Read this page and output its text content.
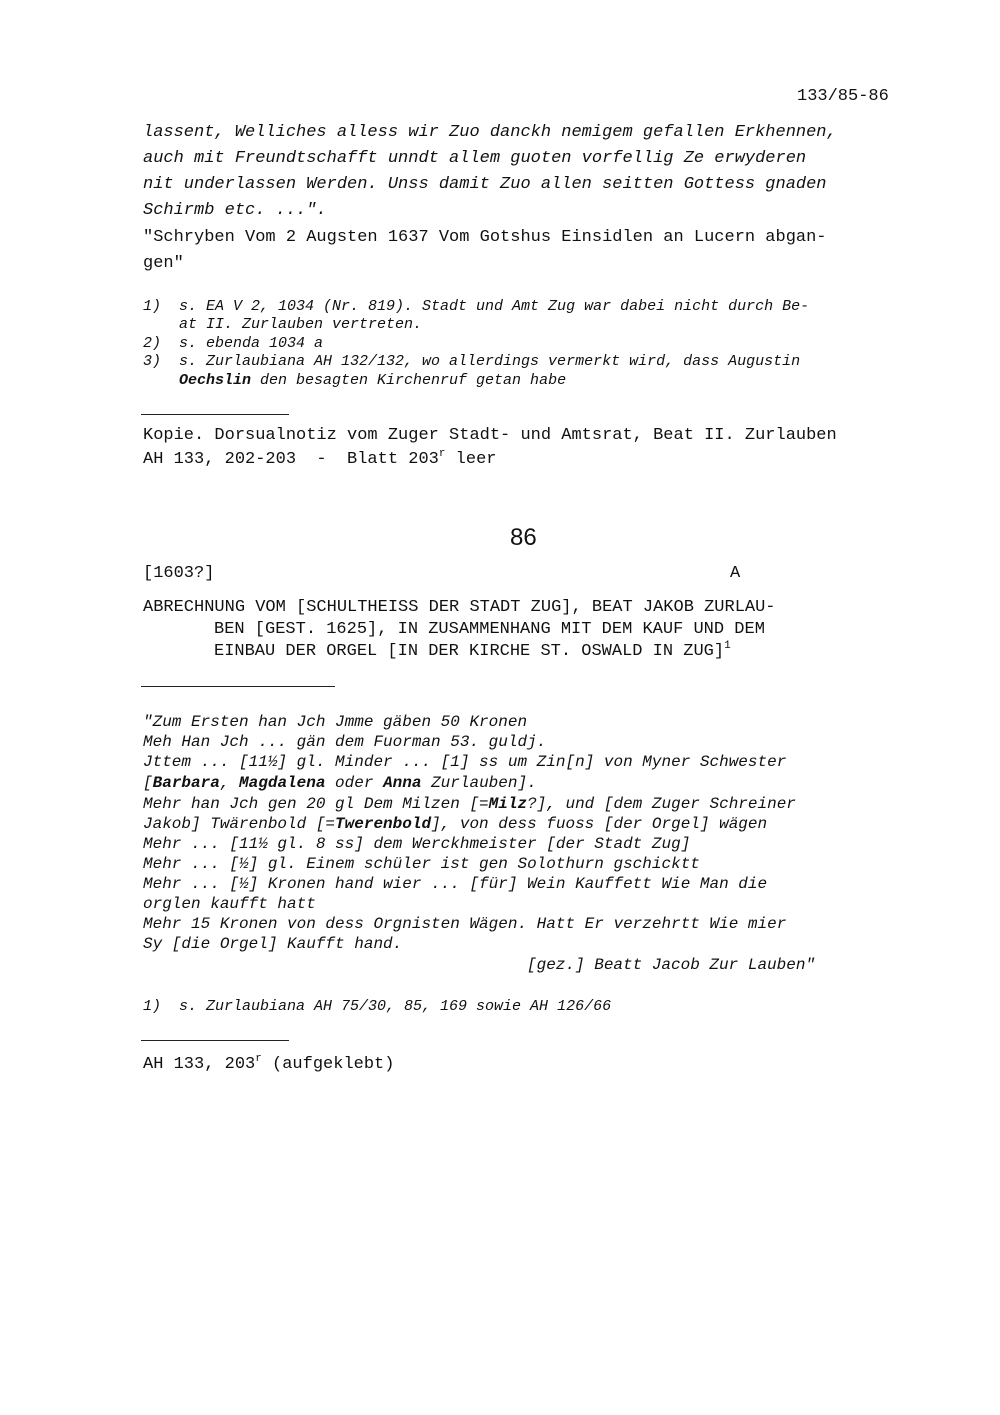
133/85-86
lassent, Welliches alless wir Zuo danckh nemigem gefallen Erkhennen,
auch mit Freundtschafft unndt allem guoten vorfellig Ze erwyderen
nit underlassen Werden. Unss damit Zuo allen seitten Gottess gnaden
Schirmb etc. ...".
"Schryben Vom 2 Augsten 1637 Vom Gotshus Einsidlen an Lucern abgan-
gen"
1) s. EA V 2, 1034 (Nr. 819). Stadt und Amt Zug war dabei nicht durch Be-
at II. Zurlauben vertreten.
2) s. ebenda 1034 a
3) s. Zurlaubiana AH 132/132, wo allerdings vermerkt wird, dass Augustin
Oechslin den besagten Kirchenruf getan habe
Kopie. Dorsualnotiz vom Zuger Stadt- und Amtsrat, Beat II. Zurlauben
AH 133, 202-203  -  Blatt 203$^r$ leer
86
[1603?]	A
ABRECHNUNG VOM [SCHULTHEISS DER STADT ZUG], BEAT JAKOB ZURLAU-
BEN [GEST. 1625], IN ZUSAMMENHANG MIT DEM KAUF UND DEM
EINBAU DER ORGEL [IN DER KIRCHE ST. OSWALD IN ZUG]$^1$
"Zum Ersten han Jch Jmme gäben 50 Kronen
Meh Han Jch ... gän dem Fuorman 53. guldj.
Jttem ... [11½] gl. Minder ... [1] ss um Zin[n] von Myner Schwester
[Barbara, Magdalena oder Anna Zurlauben].
Mehr han Jch gen 20 gl Dem Milzen [=Milz?], und [dem Zuger Schreiner
Jakob] Twärenbold [=Twerenbold], von dess fuoss [der Orgel] wägen
Mehr ... [11½ gl. 8 ss] dem Werckhmeister [der Stadt Zug]
Mehr ... [½] gl. Einem schüler ist gen Solothurn gschicktt
Mehr ... [½] Kronen hand wier ... [für] Wein Kauffett Wie Man die
orglen kaufft hatt
Mehr 15 Kronen von dess Orgnisten Wägen. Hatt Er verzehrtt Wie mier
Sy [die Orgel] Kaufft hand.
[gez.] Beatt Jacob Zur Lauben"
1) s. Zurlaubiana AH 75/30, 85, 169 sowie AH 126/66
AH 133, 203$^r$ (aufgeklebt)
